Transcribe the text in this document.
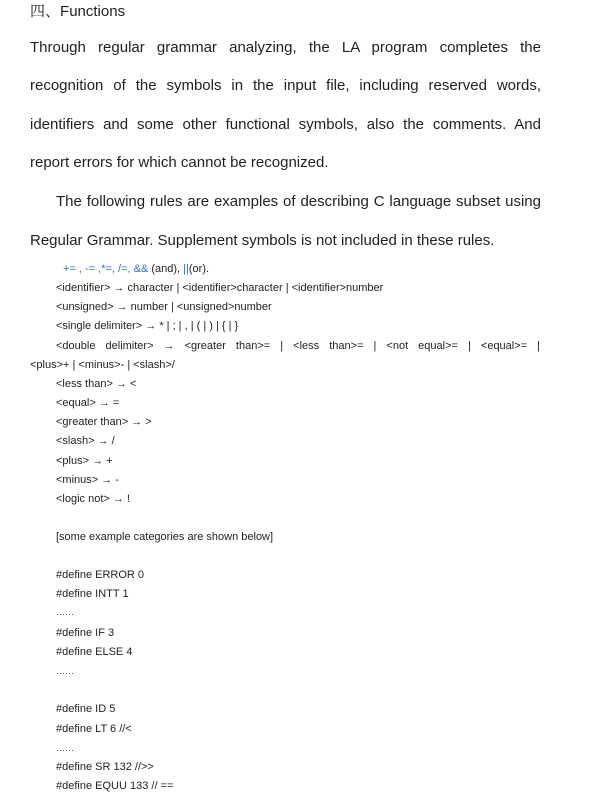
四、Functions
Through regular grammar analyzing, the LA program completes the
recognition of the symbols in the input file, including reserved words,
identifiers and some other functional symbols, also the comments. And
report errors for which cannot be recognized.
The following rules are examples of describing C language subset using
Regular Grammar. Supplement symbols is not included in these rules.
+= , -= ,*=, /=, && (and), ||(or).
<identifier> → character | <identifier>character | <identifier>number
<unsigned> → number | <unsigned>number
<single delimiter> → * | ; | , | ( | ) | { | }
<double delimiter> → <greater than>= | <less than>= | <not equal>= | <equal>= |
<plus>+ | <minus>- | <slash>/
<less than> → <
<equal> → =
<greater than> → >
<slash> → /
<plus> → +
<minus> → -
<logic not> → !
[some example categories are shown below]
#define ERROR 0
#define INTT 1
……
#define IF 3
#define ELSE 4
……
#define ID 5
#define LT 6 //<
……
#define SR 132 //>>
#define EQUU 133 // ==
